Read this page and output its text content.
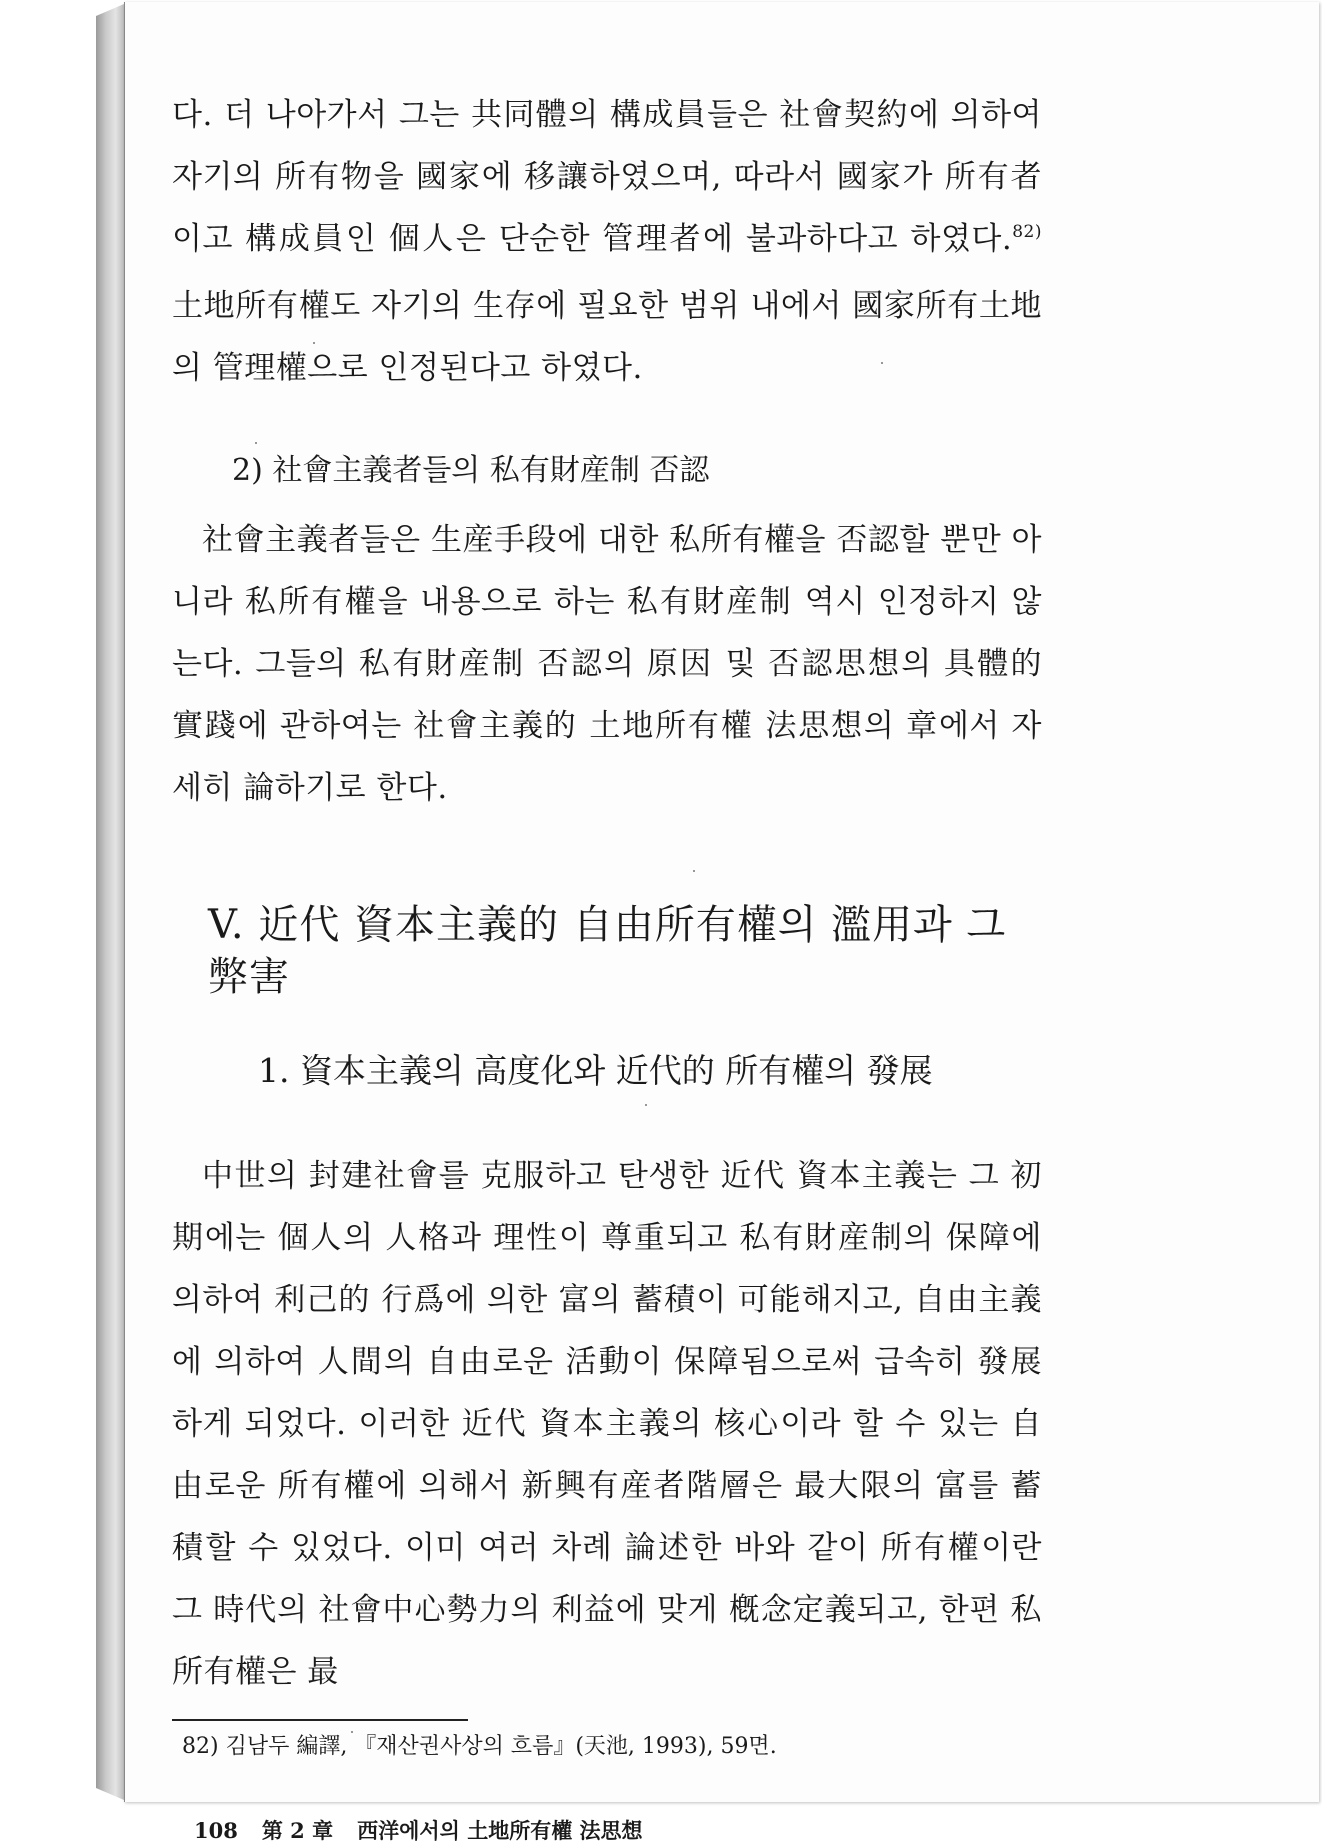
다. 더 나아가서 그는 共同體의 構成員들은 社會契約에 의하여 자기의 所有物을 國家에 移讓하였으며, 따라서 國家가 所有者이고 構成員인 個人은 단순한 管理者에 불과하다고 하였다.$^{82)}$ 土地所有權도 자기의 生存에 필요한 범위 내에서 國家所有土地의 管理權으로 인정된다고 하였다.

2) 社會主義者들의 私有財産制 否認

社會主義者들은 生産手段에 대한 私所有權을 否認할 뿐만 아니라 私所有權을 내용으로 하는 私有財産制 역시 인정하지 않는다. 그들의 私有財産制 否認의 原因 및 否認思想의 具體的 實踐에 관하여는 社會主義的 土地所有權 法思想의 章에서 자세히 論하기로 한다.

V. 近代 資本主義的 自由所有權의 濫用과 그 弊害

1. 資本主義의 高度化와 近代的 所有權의 發展

中世의 封建社會를 克服하고 탄생한 近代 資本主義는 그 初期에는 個人의 人格과 理性이 尊重되고 私有財産制의 保障에 의하여 利己的 行爲에 의한 富의 蓄積이 可能해지고, 自由主義에 의하여 人間의 自由로운 活動이 保障됨으로써 급속히 發展하게 되었다. 이러한 近代 資本主義의 核心이라 할 수 있는 自由로운 所有權에 의해서 新興有産者階層은 最大限의 富를 蓄積할 수 있었다. 이미 여러 차례 論述한 바와 같이 所有權이란 그 時代의 社會中心勢力의 利益에 맞게 槪念定義되고, 한편 私所有權은 最

82) 김남두 編譯, 『재산권사상의 흐름』(天池, 1993), 59면.

108 第 2 章 西洋에서의 土地所有權 法思想
